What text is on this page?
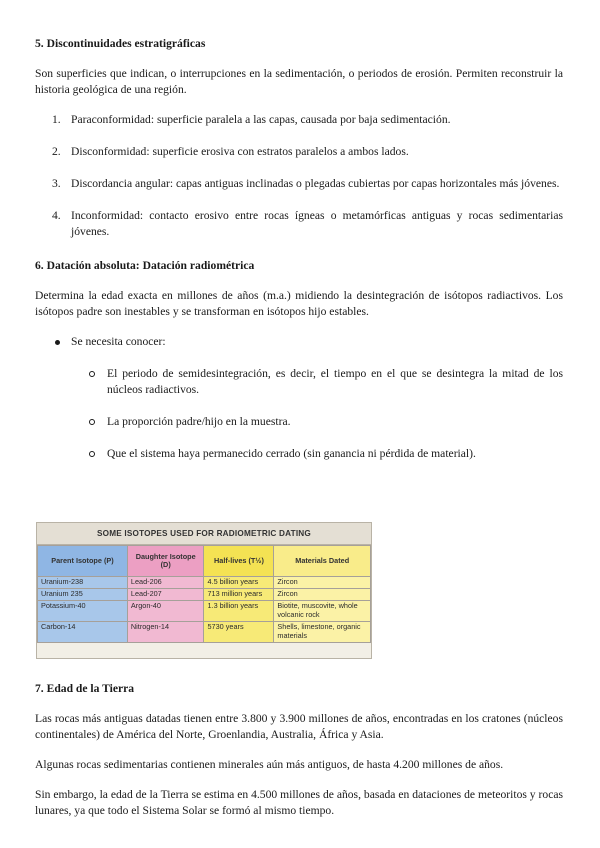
5. Discontinuidades estratigráficas

Son superficies que indican, o interrupciones en la sedimentación, o periodos de erosión. Permiten reconstruir la historia geológica de una región.

1. Paraconformidad: superficie paralela a las capas, causada por baja sedimentación.
2. Disconformidad: superficie erosiva con estratos paralelos a ambos lados.
3. Discordancia angular: capas antiguas inclinadas o plegadas cubiertas por capas horizontales más jóvenes.
4. Inconformidad: contacto erosivo entre rocas ígneas o metamórficas antiguas y rocas sedimentarias jóvenes.
6. Datación absoluta: Datación radiométrica

Determina la edad exacta en millones de años (m.a.) midiendo la desintegración de isótopos radiactivos. Los isótopos padre son inestables y se transforman en isótopos hijo estables.

Se necesita conocer:
El periodo de semidesintegración, es decir, el tiempo en el que se desintegra la mitad de los núcleos radiactivos.
La proporción padre/hijo en la muestra.
Que el sistema haya permanecido cerrado (sin ganancia ni pérdida de material).
SOME ISOTOPES USED FOR RADIOMETRIC DATING
Parent Isotope (P)	Daughter Isotope (D)	Half-lives (T½)	Materials Dated
Uranium-238	Lead-206	4.5 billion years	Zircon
Uranium 235	Lead-207	713 million years	Zircon
Potassium-40	Argon-40	1.3 billion years	Biotite, muscovite, whole volcanic rock
Carbon-14	Nitrogen-14	5730 years	Shells, limestone, organic materials
7. Edad de la Tierra

Las rocas más antiguas datadas tienen entre 3.800 y 3.900 millones de años, encontradas en los cratones (núcleos continentales) de América del Norte, Groenlandia, Australia, África y Asia.

Algunas rocas sedimentarias contienen minerales aún más antiguos, de hasta 4.200 millones de años.

Sin embargo, la edad de la Tierra se estima en 4.500 millones de años, basada en dataciones de meteoritos y rocas lunares, ya que todo el Sistema Solar se formó al mismo tiempo.
